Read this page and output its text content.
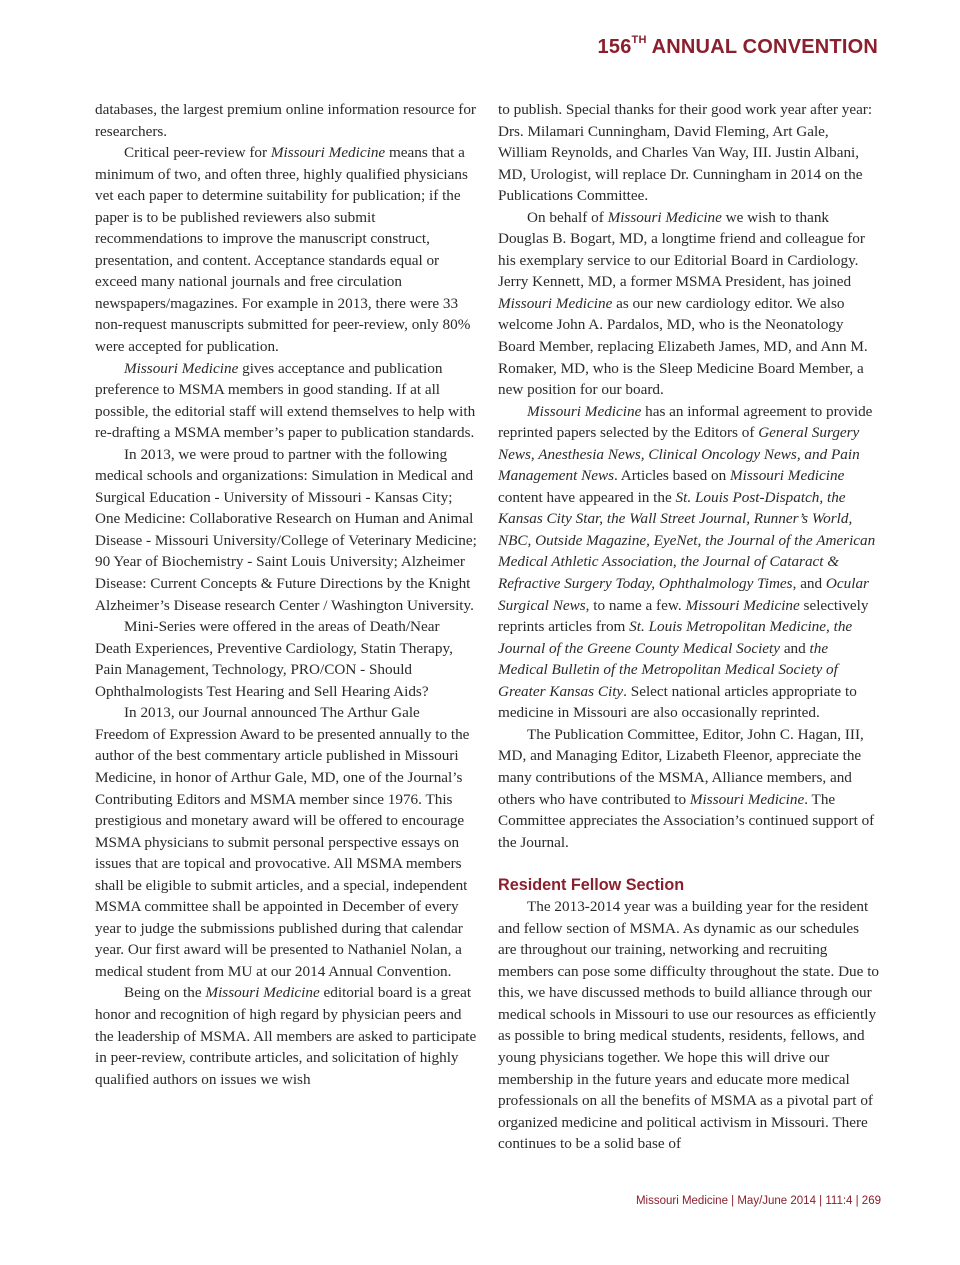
156TH ANNUAL CONVENTION

databases, the largest premium online information resource for researchers.

Critical peer-review for Missouri Medicine means that a minimum of two, and often three, highly qualified physicians vet each paper to determine suitability for publication; if the paper is to be published reviewers also submit recommendations to improve the manuscript construct, presentation, and content. Acceptance standards equal or exceed many national journals and free circulation newspapers/magazines. For example in 2013, there were 33 non-request manuscripts submitted for peer-review, only 80% were accepted for publication.

Missouri Medicine gives acceptance and publication preference to MSMA members in good standing. If at all possible, the editorial staff will extend themselves to help with re-drafting a MSMA member’s paper to publication standards.

In 2013, we were proud to partner with the following medical schools and organizations: Simulation in Medical and Surgical Education - University of Missouri - Kansas City; One Medicine: Collaborative Research on Human and Animal Disease - Missouri University/College of Veterinary Medicine; 90 Year of Biochemistry - Saint Louis University; Alzheimer Disease: Current Concepts & Future Directions by the Knight Alzheimer’s Disease research Center / Washington University.

Mini-Series were offered in the areas of Death/Near Death Experiences, Preventive Cardiology, Statin Therapy, Pain Management, Technology, PRO/CON - Should Ophthalmologists Test Hearing and Sell Hearing Aids?

In 2013, our Journal announced The Arthur Gale Freedom of Expression Award to be presented annually to the author of the best commentary article published in Missouri Medicine, in honor of Arthur Gale, MD, one of the Journal’s Contributing Editors and MSMA member since 1976. This prestigious and monetary award will be offered to encourage MSMA physicians to submit personal perspective essays on issues that are topical and provocative. All MSMA members shall be eligible to submit articles, and a special, independent MSMA committee shall be appointed in December of every year to judge the submissions published during that calendar year. Our first award will be presented to Nathaniel Nolan, a medical student from MU at our 2014 Annual Convention.

Being on the Missouri Medicine editorial board is a great honor and recognition of high regard by physician peers and the leadership of MSMA. All members are asked to participate in peer-review, contribute articles, and solicitation of highly qualified authors on issues we wish

to publish. Special thanks for their good work year after year: Drs. Milamari Cunningham, David Fleming, Art Gale, William Reynolds, and Charles Van Way, III. Justin Albani, MD, Urologist, will replace Dr. Cunningham in 2014 on the Publications Committee.

On behalf of Missouri Medicine we wish to thank Douglas B. Bogart, MD, a longtime friend and colleague for his exemplary service to our Editorial Board in Cardiology. Jerry Kennett, MD, a former MSMA President, has joined Missouri Medicine as our new cardiology editor. We also welcome John A. Pardalos, MD, who is the Neonatology Board Member, replacing Elizabeth James, MD, and Ann M. Romaker, MD, who is the Sleep Medicine Board Member, a new position for our board.

Missouri Medicine has an informal agreement to provide reprinted papers selected by the Editors of General Surgery News, Anesthesia News, Clinical Oncology News, and Pain Management News. Articles based on Missouri Medicine content have appeared in the St. Louis Post-Dispatch, the Kansas City Star, the Wall Street Journal, Runner’s World, NBC, Outside Magazine, EyeNet, the Journal of the American Medical Athletic Association, the Journal of Cataract & Refractive Surgery Today, Ophthalmology Times, and Ocular Surgical News, to name a few. Missouri Medicine selectively reprints articles from St. Louis Metropolitan Medicine, the Journal of the Greene County Medical Society and the Medical Bulletin of the Metropolitan Medical Society of Greater Kansas City. Select national articles appropriate to medicine in Missouri are also occasionally reprinted.

The Publication Committee, Editor, John C. Hagan, III, MD, and Managing Editor, Lizabeth Fleenor, appreciate the many contributions of the MSMA, Alliance members, and others who have contributed to Missouri Medicine. The Committee appreciates the Association’s continued support of the Journal.

Resident Fellow Section

The 2013-2014 year was a building year for the resident and fellow section of MSMA. As dynamic as our schedules are throughout our training, networking and recruiting members can pose some difficulty throughout the state. Due to this, we have discussed methods to build alliance through our medical schools in Missouri to use our resources as efficiently as possible to bring medical students, residents, fellows, and young physicians together. We hope this will drive our membership in the future years and educate more medical professionals on all the benefits of MSMA as a pivotal part of organized medicine and political activism in Missouri. There continues to be a solid base of

Missouri Medicine | May/June 2014 | 111:4 | 269
